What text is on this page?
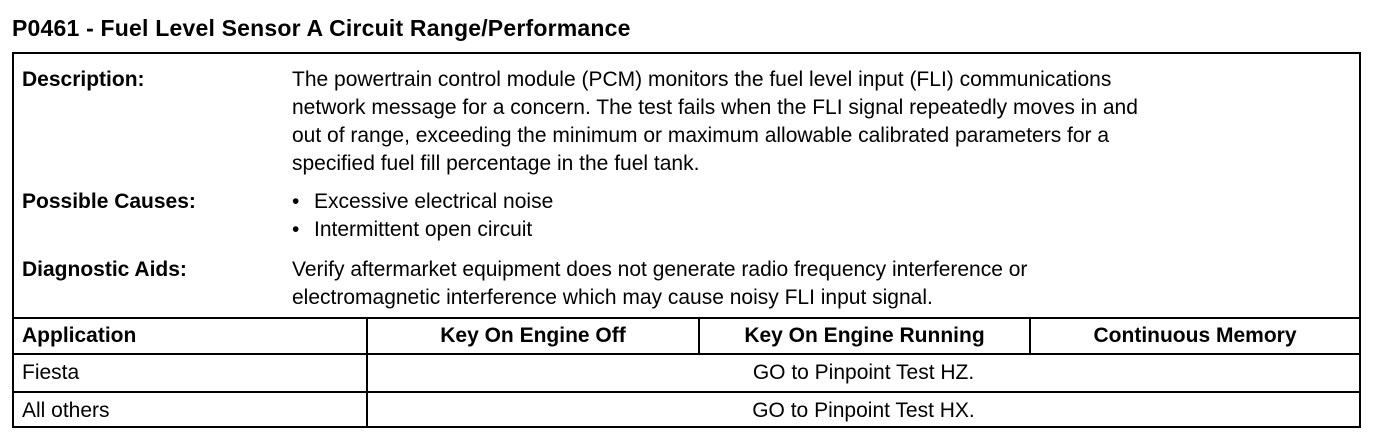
P0461 - Fuel Level Sensor A Circuit Range/Performance
Description:	The powertrain control module (PCM) monitors the fuel level input (FLI) communications
network message for a concern. The test fails when the FLI signal repeatedly moves in and
out of range, exceeding the minimum or maximum allowable calibrated parameters for a
specified fuel fill percentage in the fuel tank.
Possible Causes:
•	Excessive electrical noise
• Intermittent open circuit
Diagnostic Aids:	Verify aftermarket equipment does not generate radio frequency interference or
electromagnetic interference which may cause noisy FLI input signal.
Application	Key On Engine Off	Key On Engine Running	Continuous Memory
Fiesta	GO to Pinpoint Test HZ.
All others	GO to Pinpoint Test HX.
